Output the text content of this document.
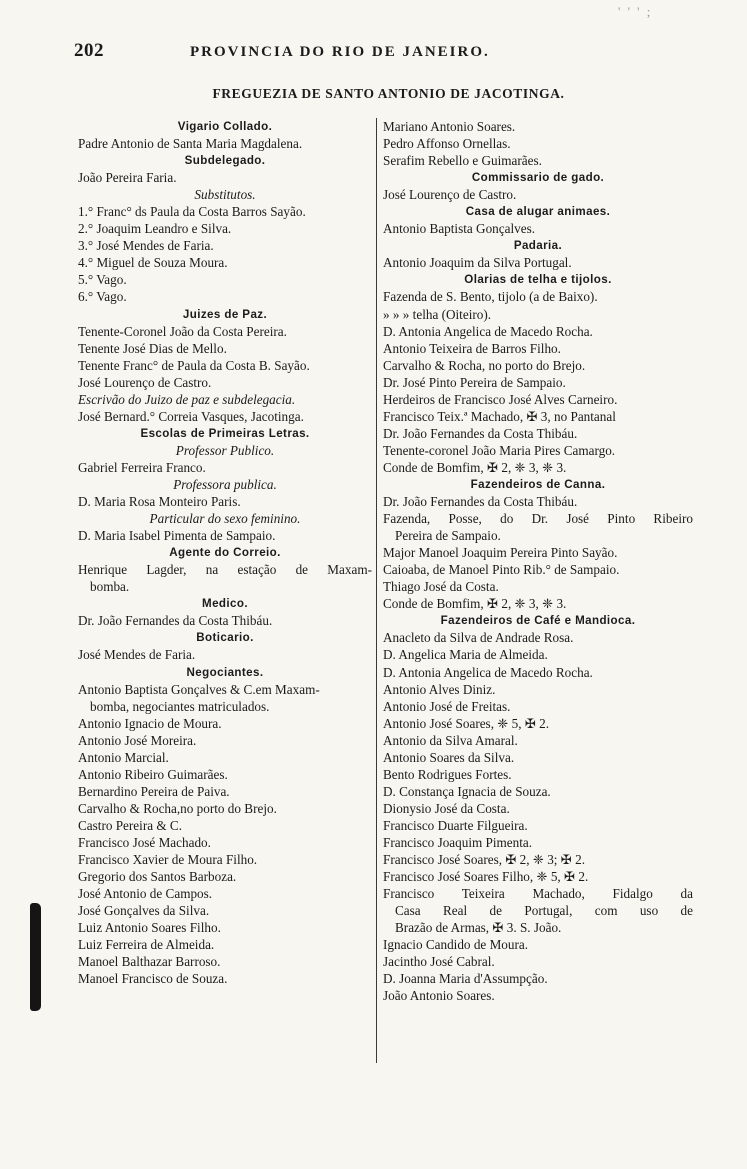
' ' ' ;
202	PROVINCIA DO RIO DE JANEIRO.
FREGUEZIA DE SANTO ANTONIO DE JACOTINGA.
Vigario Collado.
Padre Antonio de Santa Maria Magdalena.
Subdelegado.
João Pereira Faria.
Substitutos.
1.° Franc° ds Paula da Costa Barros Sayão.
2.° Joaquim Leandro e Silva.
3.° José Mendes de Faria.
4.° Miguel de Souza Moura.
5.° Vago.
6.° Vago.
Juizes de Paz.
Tenente-Coronel João da Costa Pereira.
Tenente José Dias de Mello.
Tenente Franc° de Paula da Costa B. Sayão.
José Lourenço de Castro.
Escrivão do Juizo de paz e subdelegacia.
José Bernard.° Correia Vasques, Jacotinga.
Escolas de Primeiras Letras.
Professor Publico.
Gabriel Ferreira Franco.
Professora publica.
D. Maria Rosa Monteiro Paris.
Particular do sexo feminino.
D. Maria Isabel Pimenta de Sampaio.
Agente do Correio.
Henrique Lagder, na estação de Maxam-
bomba.
Medico.
Dr. João Fernandes da Costa Thibáu.
Boticario.
José Mendes de Faria.
Negociantes.
Antonio Baptista Gonçalves & C.em Maxam-
bomba, negociantes matriculados.
Antonio Ignacio de Moura.
Antonio José Moreira.
Antonio Marcial.
Antonio Ribeiro Guimarães.
Bernardino Pereira de Paiva.
Carvalho & Rocha,no porto do Brejo.
Castro Pereira & C.
Francisco José Machado.
Francisco Xavier de Moura Filho.
Gregorio dos Santos Barboza.
José Antonio de Campos.
José Gonçalves da Silva.
Luiz Antonio Soares Filho.
Luiz Ferreira de Almeida.
Manoel Balthazar Barroso.
Manoel Francisco de Souza.
Mariano Antonio Soares.
Pedro Affonso Ornellas.
Serafim Rebello e Guimarães.
Commissario de gado.
José Lourenço de Castro.
Casa de alugar animaes.
Antonio Baptista Gonçalves.
Padaria.
Antonio Joaquim da Silva Portugal.
Olarias de telha e tijolos.
Fazenda de S. Bento, tijolo (a de Baixo).
» » » telha (Oiteiro).
D. Antonia Angelica de Macedo Rocha.
Antonio Teixeira de Barros Filho.
Carvalho & Rocha, no porto do Brejo.
Dr. José Pinto Pereira de Sampaio.
Herdeiros de Francisco José Alves Carneiro.
Francisco Teix.ª Machado, ✠ 3, no Pantanal
Dr. João Fernandes da Costa Thibáu.
Tenente-coronel João Maria Pires Camargo.
Conde de Bomfim, ✠ 2, ❈ 3, ❈ 3.
Fazendeiros de Canna.
Dr. João Fernandes da Costa Thibáu.
Fazenda, Posse, do Dr. José Pinto Ribeiro
Pereira de Sampaio.
Major Manoel Joaquim Pereira Pinto Sayão.
Caioaba, de Manoel Pinto Rib.° de Sampaio.
Thiago José da Costa.
Conde de Bomfim, ✠ 2, ❈ 3, ❈ 3.
Fazendeiros de Café e Mandioca.
Anacleto da Silva de Andrade Rosa.
D. Angelica Maria de Almeida.
D. Antonia Angelica de Macedo Rocha.
Antonio Alves Diniz.
Antonio José de Freitas.
Antonio José Soares, ❈ 5, ✠ 2.
Antonio da Silva Amaral.
Antonio Soares da Silva.
Bento Rodrigues Fortes.
D. Constança Ignacia de Souza.
Dionysio José da Costa.
Francisco Duarte Filgueira.
Francisco Joaquim Pimenta.
Francisco José Soares, ✠ 2, ❈ 3; ✠ 2.
Francisco José Soares Filho, ❈ 5, ✠ 2.
Francisco Teixeira Machado, Fidalgo da
Casa Real de Portugal, com uso de
Brazão de Armas, ✠ 3. S. João.
Ignacio Candido de Moura.
Jacintho José Cabral.
D. Joanna Maria d'Assumpção.
João Antonio Soares.
